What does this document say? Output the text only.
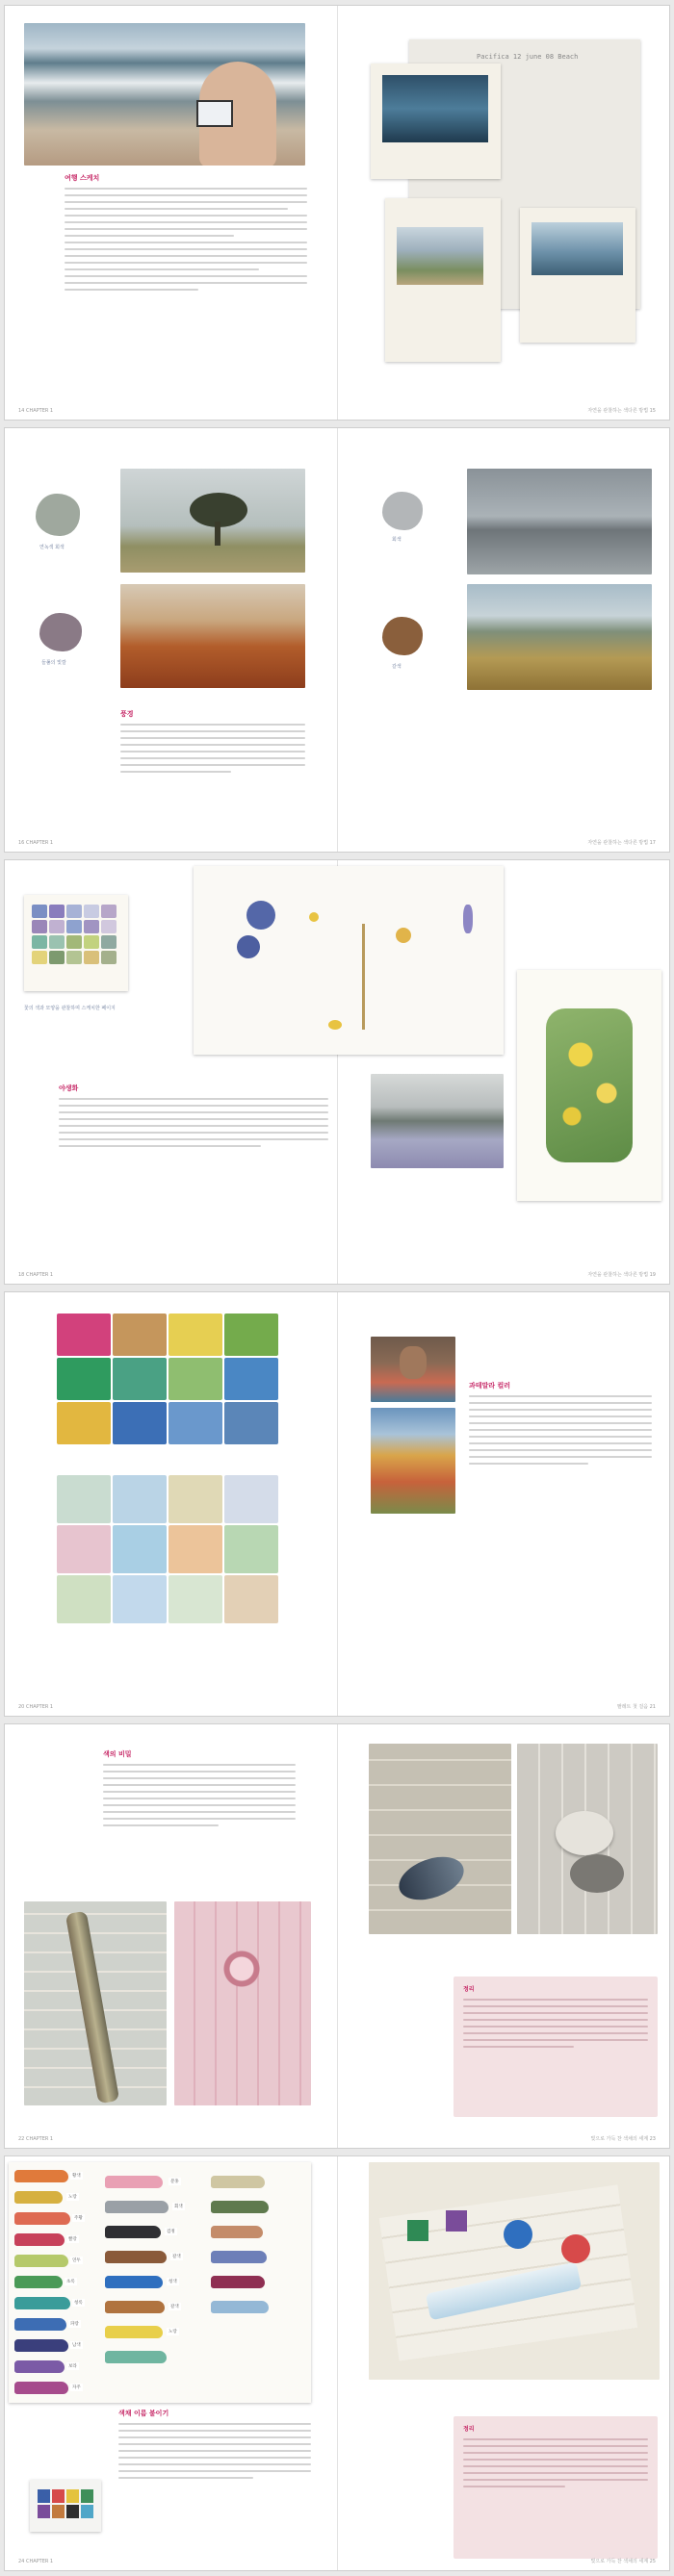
여행 스케치
Pacifica 12 june 08 Beach
14 CHAPTER 1	자연을 관찰하는 색다른 방법 15
연녹색 회색
들풀의 빛깔
회색
갈색
풍경
16 CHAPTER 1	자연을 관찰하는 색다른 방법 17
꽃의 색과 모양을 관찰하며 스케치한 페이지
야생화
18 CHAPTER 1	자연을 관찰하는 색다른 방법 19
과테말라 컬러
20 CHAPTER 1	팔레트 첫 걸음 21
색의 비밀
정리
22 CHAPTER 1	빛으로 가득 찬 색채의 세계 23
황색
노랑
주황
빨강
연두
초록
청록
파랑
남색
보라
자주
분홍
회색
검정
갈색
청색
갈색
노랑
색채 이름 붙이기
정리
24 CHAPTER 1	빛으로 가득 찬 색채의 세계 25
